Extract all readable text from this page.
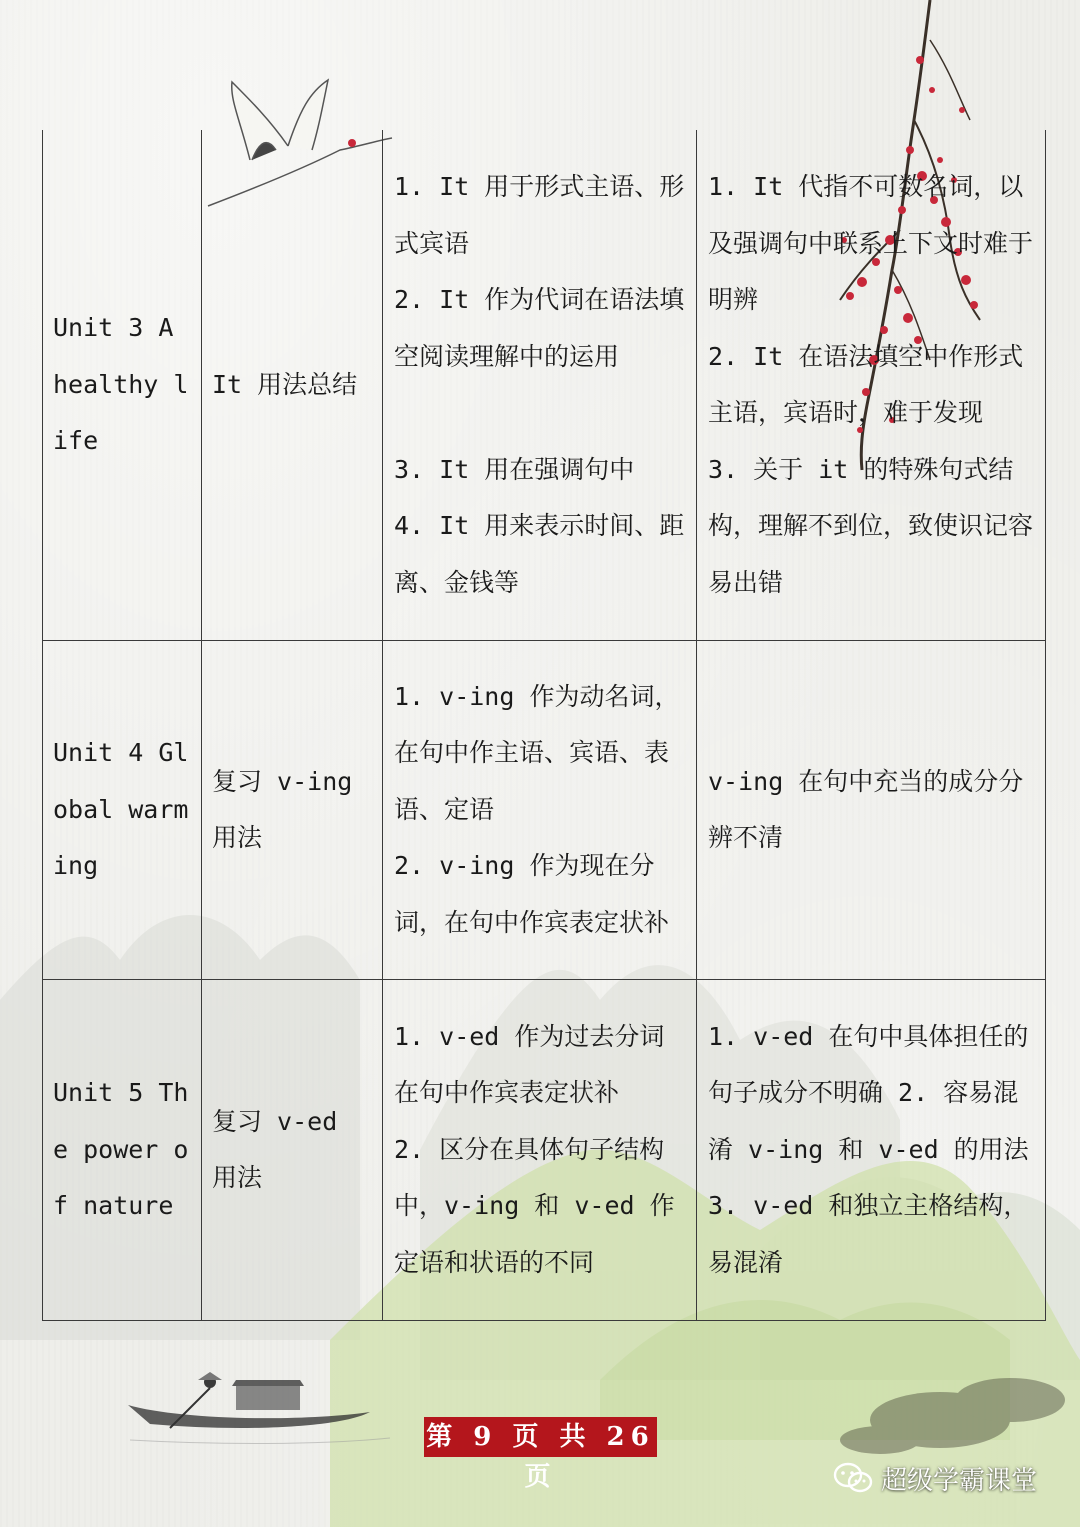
Unit 3 A healthy life	It 用法总结	1. It 用于形式主语、形式宾语
2. It 作为代词在语法填空阅读理解中的运用

3. It 用在强调句中
4. It 用来表示时间、距离、金钱等	1. It 代指不可数名词，以及强调句中联系上下文时难于明辨
2. It 在语法填空中作形式主语，宾语时，难于发现
3. 关于 it 的特殊句式结构，理解不到位，致使识记容易出错
Unit 4 Global warming	复习 v-ing 用法	1. v-ing 作为动名词，在句中作主语、宾语、表语、定语
2. v-ing 作为现在分词，在句中作宾表定状补	v-ing 在句中充当的成分分辨不清
Unit 5 The power of nature	复习 v-ed 用法	1. v-ed 作为过去分词在句中作宾表定状补
2. 区分在具体句子结构中，v-ing 和 v-ed 作定语和状语的不同	1. v-ed 在句中具体担任的句子成分不明确 2. 容易混淆 v-ing 和 v-ed 的用法
3. v-ed 和独立主格结构，易混淆
第 9 页 共 26 页	超级学霸课堂
